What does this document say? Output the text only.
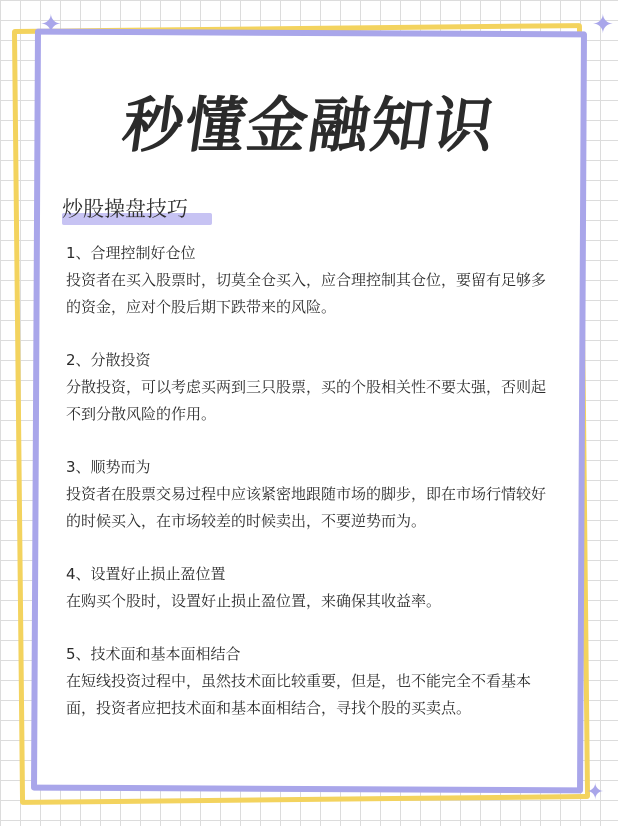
✦	✦
✦
秒懂金融知识
炒股操盘技巧

1、合理控制好仓位

投资者在买入股票时，切莫全仓买入，应合理控制其仓位，要留有足够多的资金，应对个股后期下跌带来的风险。

2、分散投资

分散投资，可以考虑买两到三只股票，买的个股相关性不要太强，否则起不到分散风险的作用。

3、顺势而为

投资者在股票交易过程中应该紧密地跟随市场的脚步，即在市场行情较好的时候买入，在市场较差的时候卖出，不要逆势而为。

4、设置好止损止盈位置

在购买个股时，设置好止损止盈位置，来确保其收益率。

5、技术面和基本面相结合

在短线投资过程中，虽然技术面比较重要，但是，也不能完全不看基本面，投资者应把技术面和基本面相结合，寻找个股的买卖点。
